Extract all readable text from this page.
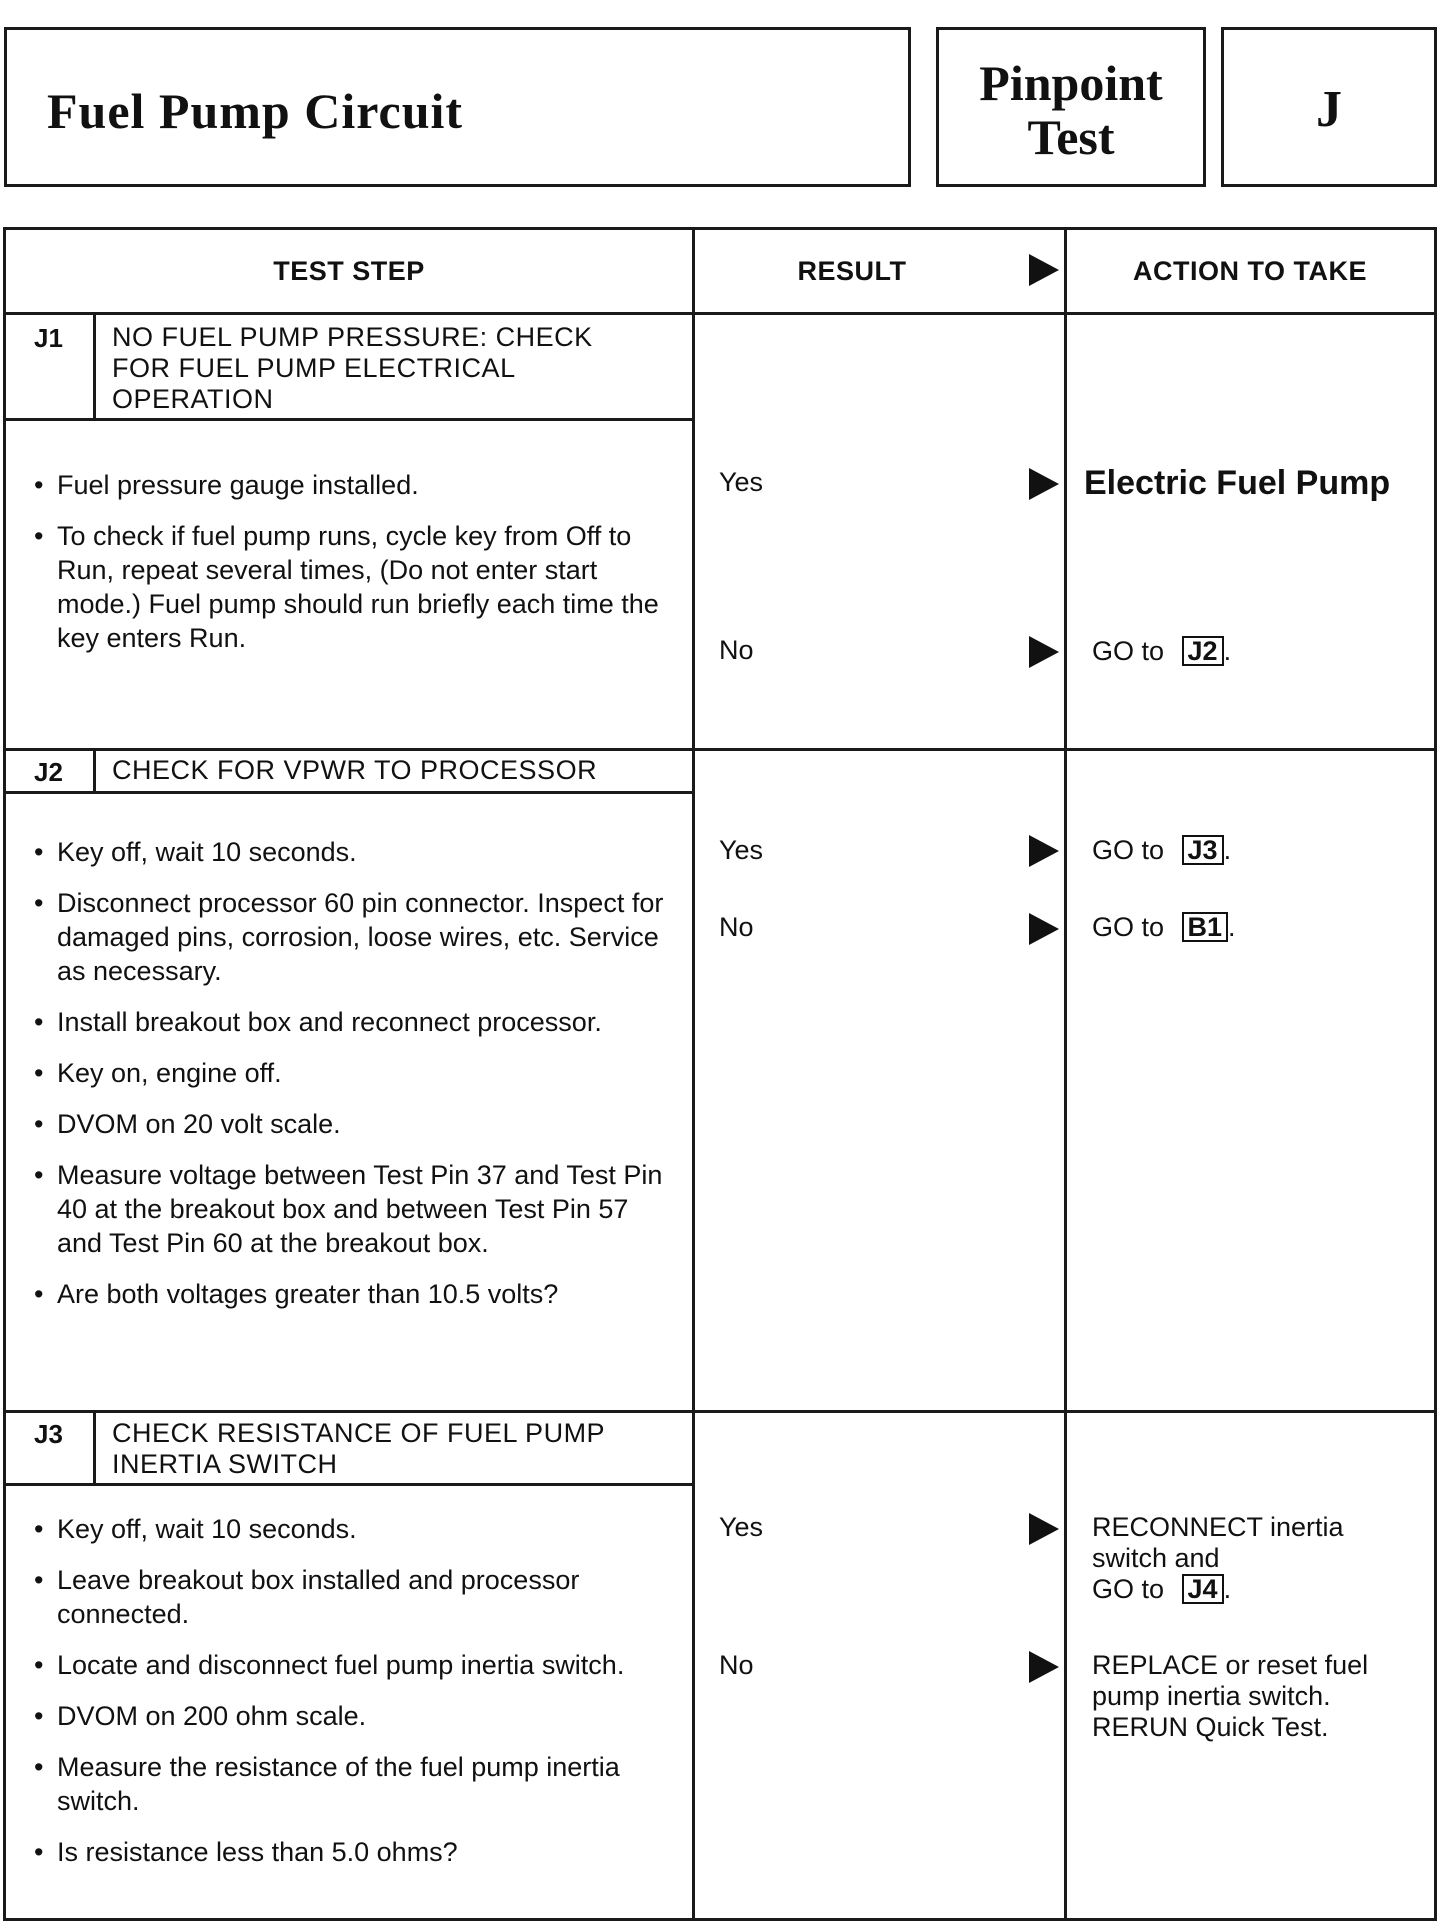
Fuel Pump Circuit	Pinpoint
Test	J
TEST STEP	RESULT	ACTION TO TAKE
J1 NO FUEL PUMP PRESSURE: CHECK
FOR FUEL PUMP ELECTRICAL
OPERATION
• Fuel pressure gauge installed.
• To check if fuel pump runs, cycle key from Off to Run, repeat several times, (Do not enter start mode.) Fuel pump should run briefly each time the key enters Run.
Yes	Electric Fuel Pump
No	GO to J2 .
J2 CHECK FOR VPWR TO PROCESSOR
• Key off, wait 10 seconds.
• Disconnect processor 60 pin connector. Inspect for damaged pins, corrosion, loose wires, etc. Service as necessary.
• Install breakout box and reconnect processor.
• Key on, engine off.
• DVOM on 20 volt scale.
• Measure voltage between Test Pin 37 and Test Pin 40 at the breakout box and between Test Pin 57 and Test Pin 60 at the breakout box.
• Are both voltages greater than 10.5 volts?
Yes	GO to J3 .
No	GO to B1 .
J3 CHECK RESISTANCE OF FUEL PUMP
INERTIA SWITCH
• Key off, wait 10 seconds.
• Leave breakout box installed and processor connected.
• Locate and disconnect fuel pump inertia switch.
• DVOM on 200 ohm scale.
• Measure the resistance of the fuel pump inertia switch.
• Is resistance less than 5.0 ohms?
Yes	RECONNECT inertia
switch and
GO to J4 .
No	REPLACE or reset fuel
pump inertia switch.
RERUN Quick Test.
